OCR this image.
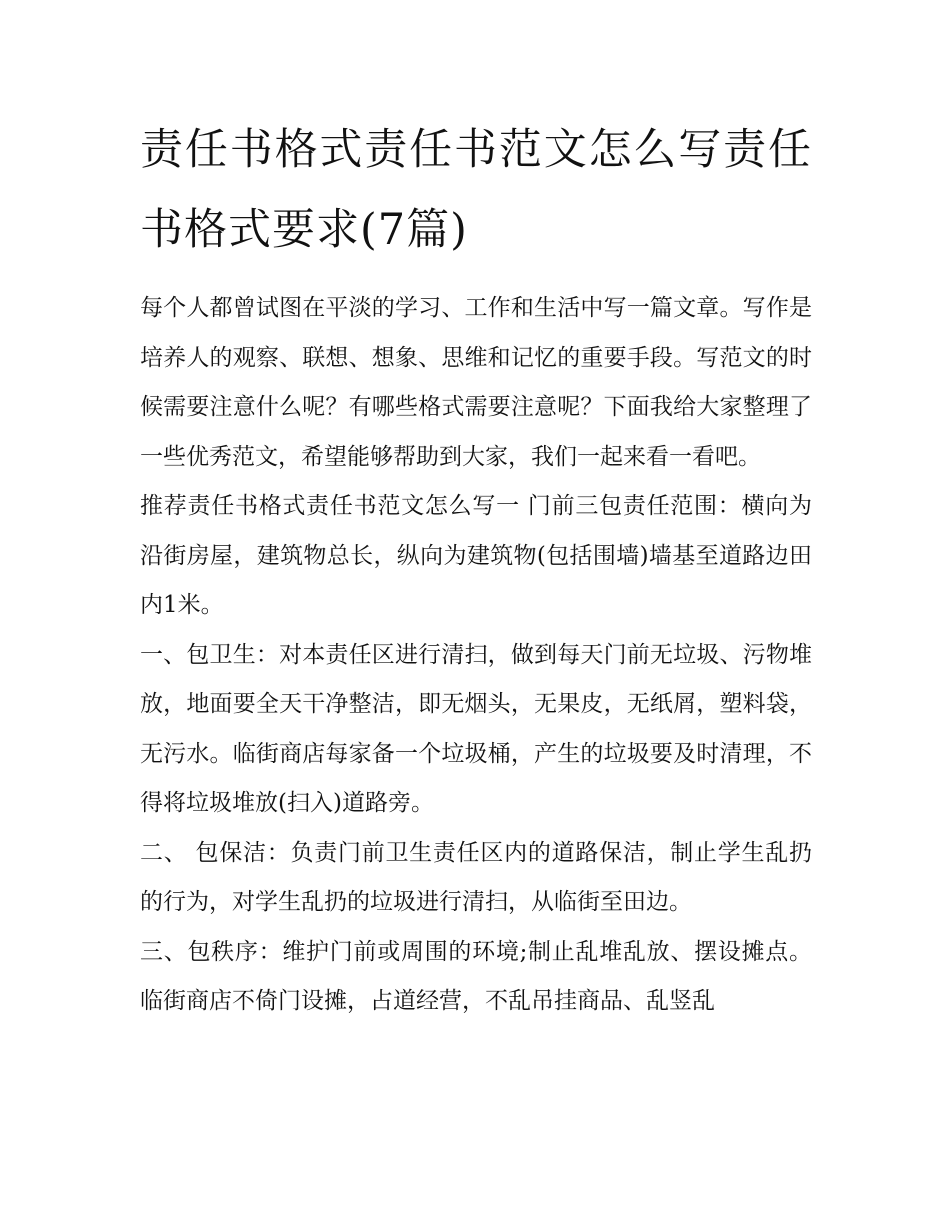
责任书格式责任书范文怎么写责任书格式要求(7篇)

每个人都曾试图在平淡的学习、工作和生活中写一篇文章。写作是培养人的观察、联想、想象、思维和记忆的重要手段。写范文的时候需要注意什么呢？有哪些格式需要注意呢？下面我给大家整理了一些优秀范文，希望能够帮助到大家，我们一起来看一看吧。

推荐责任书格式责任书范文怎么写一 门前三包责任范围：横向为沿街房屋，建筑物总长，纵向为建筑物(包括围墙)墙基至道路边田内1米。

一、包卫生：对本责任区进行清扫，做到每天门前无垃圾、污物堆放，地面要全天干净整洁，即无烟头，无果皮，无纸屑，塑料袋，无污水。临街商店每家备一个垃圾桶，产生的垃圾要及时清理，不得将垃圾堆放(扫入)道路旁。

二、 包保洁：负责门前卫生责任区内的道路保洁，制止学生乱扔的行为，对学生乱扔的垃圾进行清扫，从临街至田边。

三、包秩序：维护门前或周围的环境;制止乱堆乱放、摆设摊点。临街商店不倚门设摊，占道经营，不乱吊挂商品、乱竖乱
